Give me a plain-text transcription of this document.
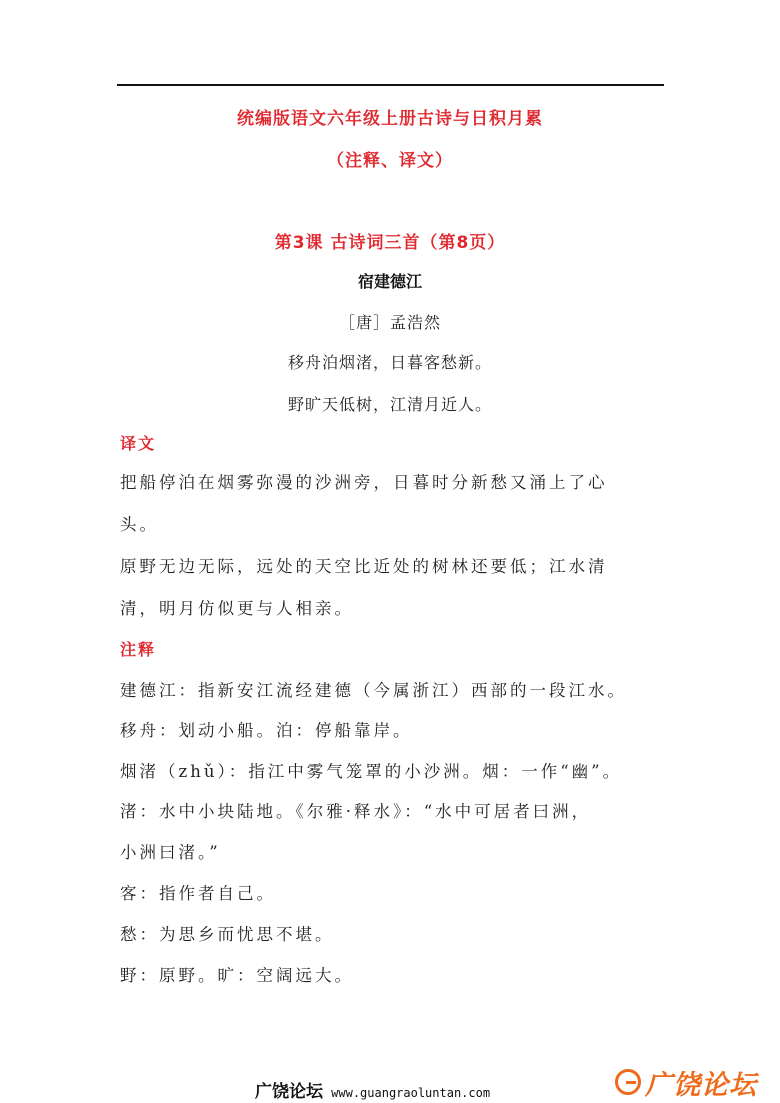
统编版语文六年级上册古诗与日积月累
（注释、译文）
第3课 古诗词三首（第8页）
宿建德江
［唐］孟浩然
移舟泊烟渚，日暮客愁新。
野旷天低树，江清月近人。
译文
把船停泊在烟雾弥漫的沙洲旁，日暮时分新愁又涌上了心
头。
原野无边无际，远处的天空比近处的树林还要低；江水清
清，明月仿似更与人相亲。
注释
建德江：指新安江流经建德（今属浙江）西部的一段江水。
移舟：划动小船。泊：停船靠岸。
烟渚（zhǔ）：指江中雾气笼罩的小沙洲。烟：一作“幽”。
渚：水中小块陆地。《尔雅·释水》：“水中可居者曰洲，
小洲曰渚。”
客：指作者自己。
愁：为思乡而忧思不堪。
野：原野。旷：空阔远大。
广饶论坛 www.guangraoluntan.com	广饶论坛
